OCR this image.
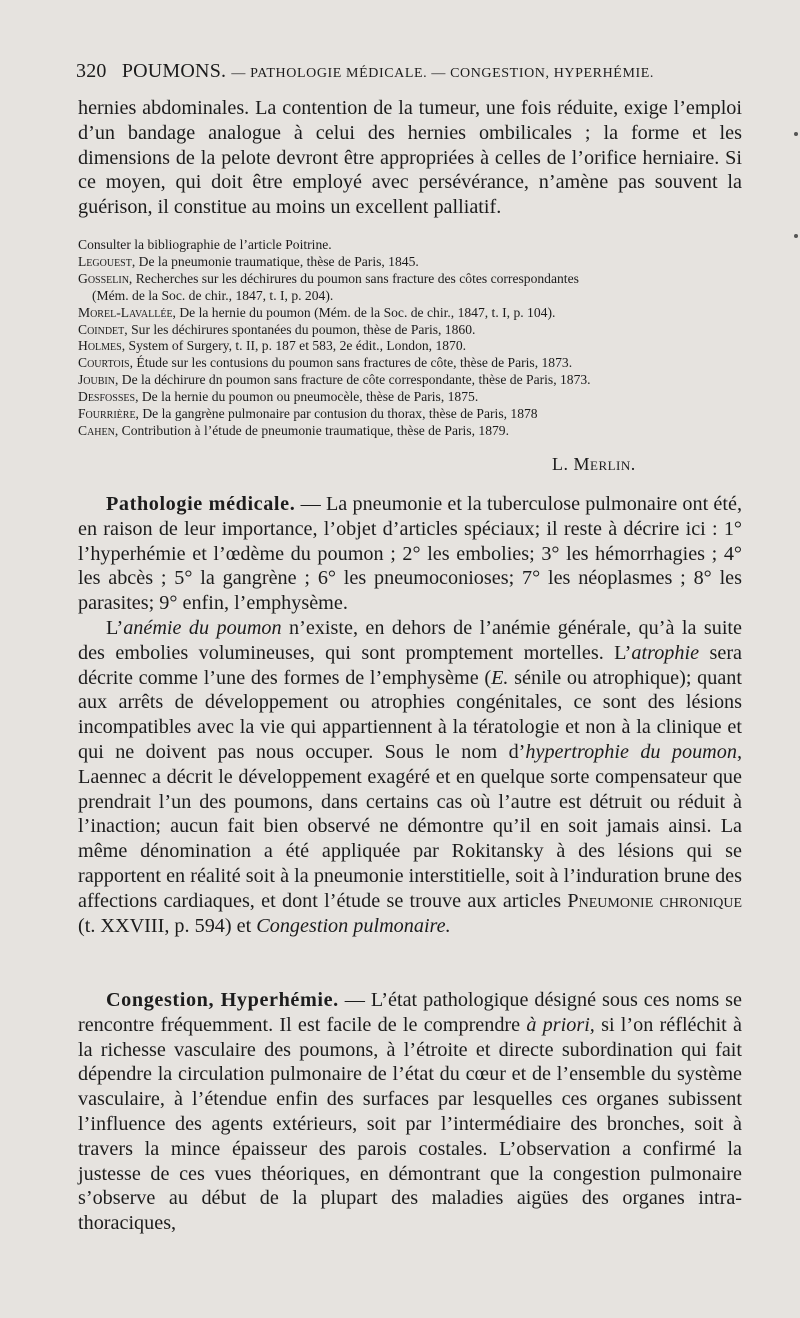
320 POUMONS. — PATHOLOGIE MÉDICALE. — CONGESTION, HYPERHÉMIE.

hernies abdominales. La contention de la tumeur, une fois réduite, exige l’emploi d’un bandage analogue à celui des hernies ombilicales ; la forme et les dimensions de la pelote devront être appropriées à celles de l’orifice herniaire. Si ce moyen, qui doit être employé avec persévérance, n’amène pas souvent la guérison, il constitue au moins un excellent palliatif.

Consulter la bibliographie de l’article Poitrine.

Legouest, De la pneumonie traumatique, thèse de Paris, 1845.

Gosselin, Recherches sur les déchirures du poumon sans fracture des côtes correspondantes

(Mém. de la Soc. de chir., 1847, t. I, p. 204).

Morel-Lavallée, De la hernie du poumon (Mém. de la Soc. de chir., 1847, t. I, p. 104).

Coindet, Sur les déchirures spontanées du poumon, thèse de Paris, 1860.

Holmes, System of Surgery, t. II, p. 187 et 583, 2e édit., London, 1870.

Courtois, Étude sur les contusions du poumon sans fractures de côte, thèse de Paris, 1873.

Joubin, De la déchirure dn poumon sans fracture de côte correspondante, thèse de Paris, 1873.

Desfosses, De la hernie du poumon ou pneumocèle, thèse de Paris, 1875.

Fourrière, De la gangrène pulmonaire par contusion du thorax, thèse de Paris, 1878

Cahen, Contribution à l’étude de pneumonie traumatique, thèse de Paris, 1879.

L. Merlin.

Pathologie médicale. — La pneumonie et la tuberculose pulmonaire ont été, en raison de leur importance, l’objet d’articles spéciaux; il reste à décrire ici : 1° l’hyperhémie et l’œdème du poumon ; 2° les embolies; 3° les hémorrhagies ; 4° les abcès ; 5° la gangrène ; 6° les pneumoconioses; 7° les néoplasmes ; 8° les parasites; 9° enfin, l’emphysème.

L’anémie du poumon n’existe, en dehors de l’anémie générale, qu’à la suite des embolies volumineuses, qui sont promptement mortelles. L’atrophie sera décrite comme l’une des formes de l’emphysème (E. sénile ou atrophique); quant aux arrêts de développement ou atrophies congénitales, ce sont des lésions incompatibles avec la vie qui appartiennent à la tératologie et non à la clinique et qui ne doivent pas nous occuper. Sous le nom d’hypertrophie du poumon, Laennec a décrit le développement exagéré et en quelque sorte compensateur que prendrait l’un des poumons, dans certains cas où l’autre est détruit ou réduit à l’inaction; aucun fait bien observé ne démontre qu’il en soit jamais ainsi. La même dénomination a été appliquée par Rokitansky à des lésions qui se rapportent en réalité soit à la pneumonie interstitielle, soit à l’induration brune des affections cardiaques, et dont l’étude se trouve aux articles Pneumonie chronique (t. XXVIII, p. 594) et Congestion pulmonaire.

Congestion, Hyperhémie. — L’état pathologique désigné sous ces noms se rencontre fréquemment. Il est facile de le comprendre à priori, si l’on réfléchit à la richesse vasculaire des poumons, à l’étroite et directe subordination qui fait dépendre la circulation pulmonaire de l’état du cœur et de l’ensemble du système vasculaire, à l’étendue enfin des surfaces par lesquelles ces organes subissent l’influence des agents extérieurs, soit par l’intermédiaire des bronches, soit à travers la mince épaisseur des parois costales. L’observation a confirmé la justesse de ces vues théoriques, en démontrant que la congestion pulmonaire s’observe au début de la plupart des maladies aigües des organes intra-thoraciques,
